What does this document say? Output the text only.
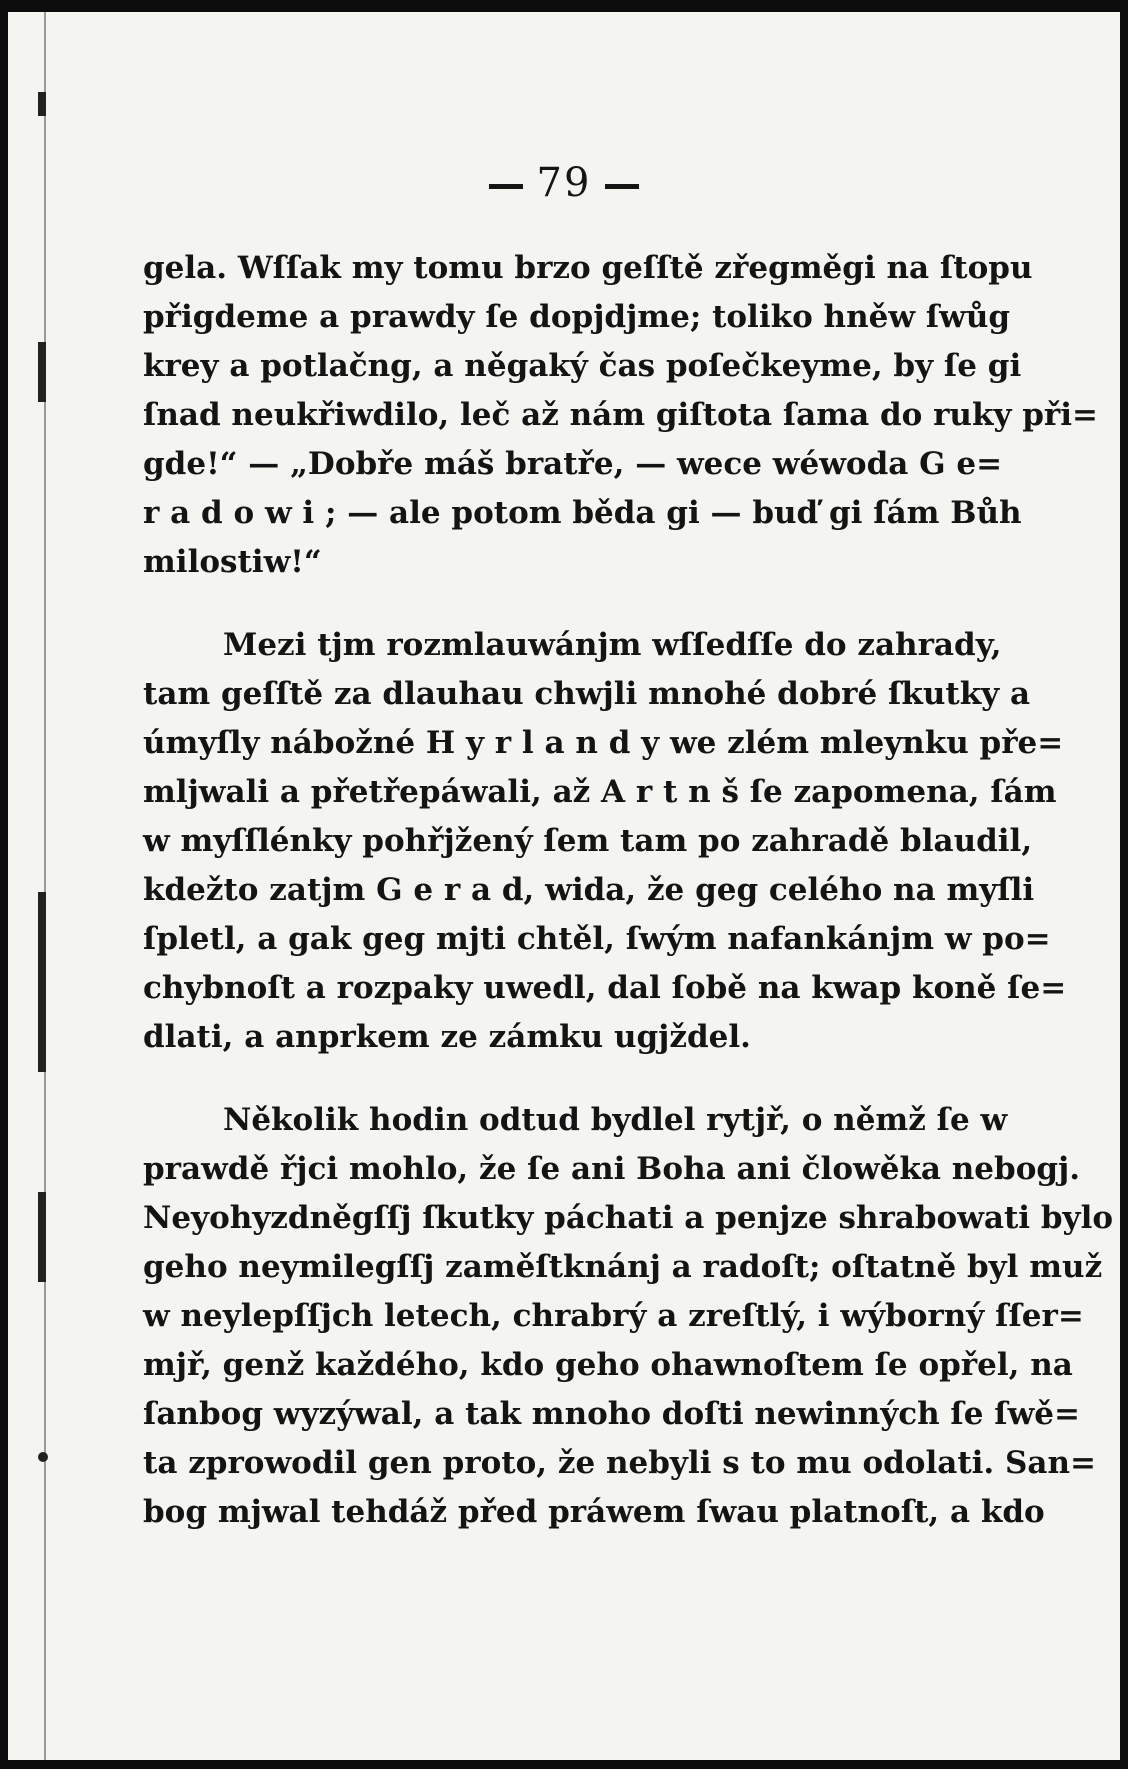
79
gela. Wſſak my tomu brzo geſſtě zřegměgi na ſtopu
přigdeme a prawdy ſe dopjdjme; toliko hněw ſwůg
krey a potlačng, a něgaký čas poſečkeyme, by ſe gi
ſnad neukřiwdilo, leč až nám giſtota ſama do ruky při=
gde!“ — „Dobře máš bratře, — wece wéwoda G e=
r a d o w i ; — ale potom běda gi — buď gi ſám Bůh
milostiw!“
Mezi tjm rozmlauwánjm wſſedſſe do zahrady,
tam geſſtě za dlauhau chwjli mnohé dobré ſkutky a
úmyſly nábožné H y r l a n d y we zlém mleynku pře=
mljwali a přetřepáwali, až A r t n š ſe zapomena, ſám
w myſſlénky pohřjžený ſem tam po zahradě blaudil,
kdežto zatjm G e r a d, wida, že geg celého na myſli
ſpletl, a gak geg mjti chtěl, ſwým nafankánjm w po=
chybnoſt a rozpaky uwedl, dal ſobě na kwap koně ſe=
dlati, a anprkem ze zámku ugjždel.
Několik hodin odtud bydlel rytjř, o němž ſe w
prawdě řjci mohlo, že ſe ani Boha ani člowěka nebogj.
Neyohyzdněgſſj ſkutky páchati a penjze shrabowati bylo
geho neymilegſſj zaměſtknánj a radoſt; oſtatně byl muž
w neylepſſjch letech, chrabrý a zreſtlý, i wýborný ſſer=
mjř, genž každého, kdo geho ohawnoſtem ſe opřel, na
ſanbog wyzýwal, a tak mnoho doſti newinných ſe ſwě=
ta zprowodil gen proto, že nebyli s to mu odolati. San=
bog mjwal tehdáž před práwem ſwau platnoſt, a kdo
